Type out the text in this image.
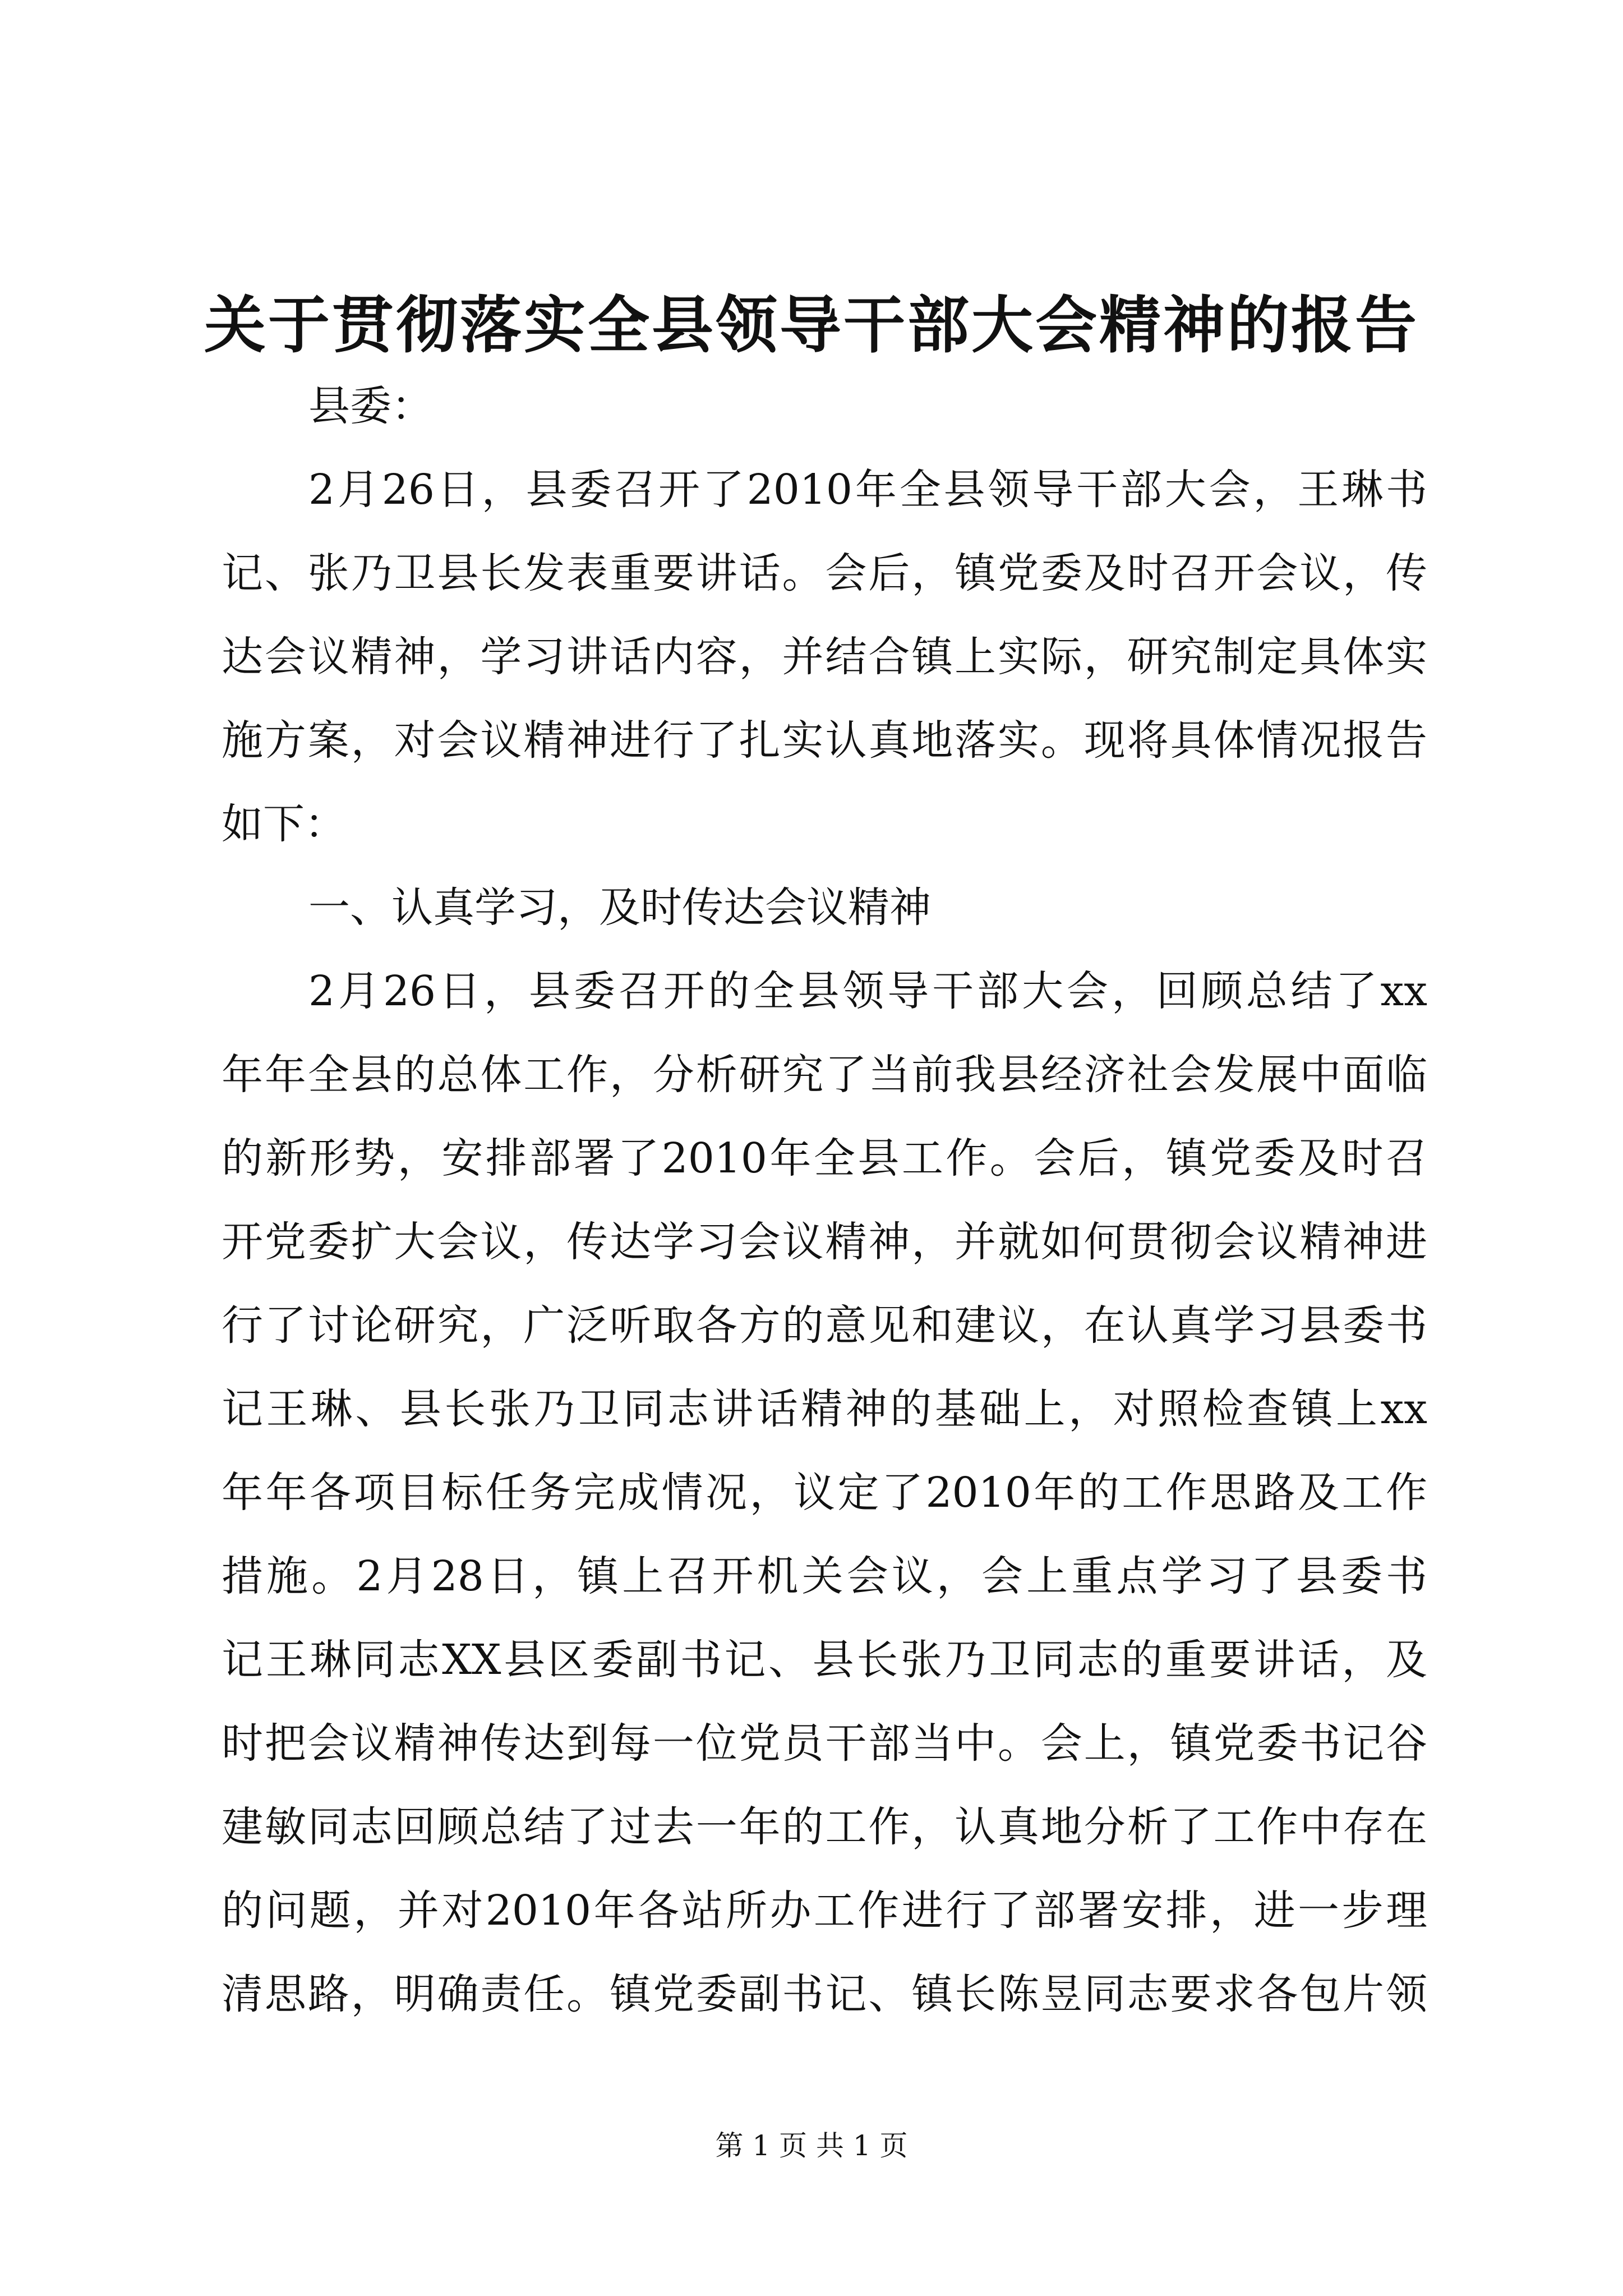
关于贯彻落实全县领导干部大会精神的报告
县委：
2月26日，县委召开了2010年全县领导干部大会，王琳书
记、张乃卫县长发表重要讲话。会后，镇党委及时召开会议，传
达会议精神，学习讲话内容，并结合镇上实际，研究制定具体实
施方案，对会议精神进行了扎实认真地落实。现将具体情况报告
如下：
一、认真学习，及时传达会议精神
2月26日，县委召开的全县领导干部大会，回顾总结了xx
年年全县的总体工作，分析研究了当前我县经济社会发展中面临
的新形势，安排部署了2010年全县工作。会后，镇党委及时召
开党委扩大会议，传达学习会议精神，并就如何贯彻会议精神进
行了讨论研究，广泛听取各方的意见和建议，在认真学习县委书
记王琳、县长张乃卫同志讲话精神的基础上，对照检查镇上xx
年年各项目标任务完成情况，议定了2010年的工作思路及工作
措施。2月28日，镇上召开机关会议，会上重点学习了县委书
记王琳同志XX县区委副书记、县长张乃卫同志的重要讲话，及
时把会议精神传达到每一位党员干部当中。会上，镇党委书记谷
建敏同志回顾总结了过去一年的工作，认真地分析了工作中存在
的问题，并对2010年各站所办工作进行了部署安排，进一步理
清思路，明确责任。镇党委副书记、镇长陈昱同志要求各包片领
第 1 页 共 1 页
